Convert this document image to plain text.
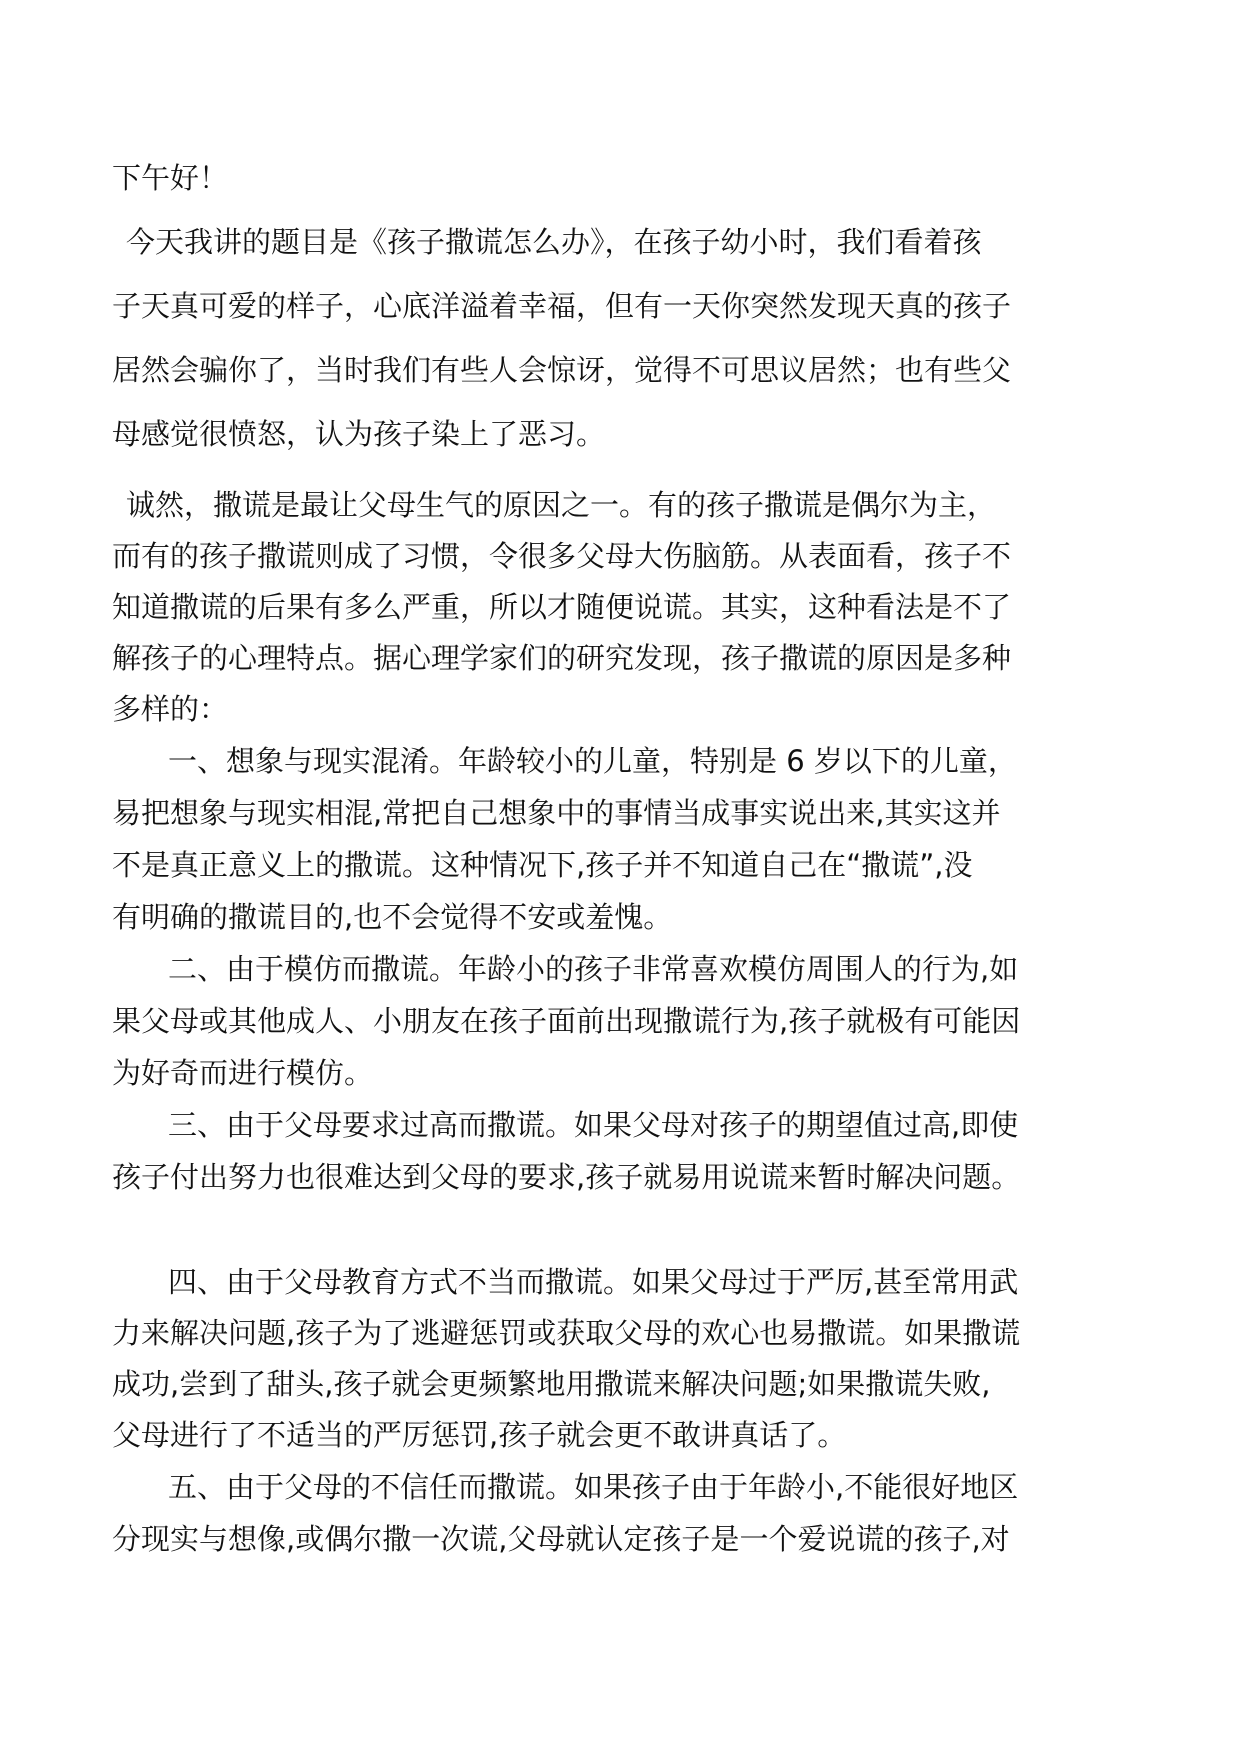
下午好！
今天我讲的题目是《孩子撒谎怎么办》，在孩子幼小时，我们看着孩
子天真可爱的样子，心底洋溢着幸福，但有一天你突然发现天真的孩子
居然会骗你了，当时我们有些人会惊讶，觉得不可思议居然；也有些父
母感觉很愤怒，认为孩子染上了恶习。
诚然，撒谎是最让父母生气的原因之一。有的孩子撒谎是偶尔为主，
而有的孩子撒谎则成了习惯，令很多父母大伤脑筋。从表面看，孩子不
知道撒谎的后果有多么严重，所以才随便说谎。其实，这种看法是不了
解孩子的心理特点。据心理学家们的研究发现，孩子撒谎的原因是多种
多样的：
一、想象与现实混淆。年龄较小的儿童，特别是 6 岁以下的儿童，
易把想象与现实相混,常把自己想象中的事情当成事实说出来,其实这并
不是真正意义上的撒谎。这种情况下,孩子并不知道自己在“撒谎”,没
有明确的撒谎目的,也不会觉得不安或羞愧。
二、由于模仿而撒谎。年龄小的孩子非常喜欢模仿周围人的行为,如
果父母或其他成人、小朋友在孩子面前出现撒谎行为,孩子就极有可能因
为好奇而进行模仿。
三、由于父母要求过高而撒谎。如果父母对孩子的期望值过高,即使
孩子付出努力也很难达到父母的要求,孩子就易用说谎来暂时解决问题。
四、由于父母教育方式不当而撒谎。如果父母过于严厉,甚至常用武
力来解决问题,孩子为了逃避惩罚或获取父母的欢心也易撒谎。如果撒谎
成功,尝到了甜头,孩子就会更频繁地用撒谎来解决问题;如果撒谎失败,
父母进行了不适当的严厉惩罚,孩子就会更不敢讲真话了。
五、由于父母的不信任而撒谎。如果孩子由于年龄小,不能很好地区
分现实与想像,或偶尔撒一次谎,父母就认定孩子是一个爱说谎的孩子,对
